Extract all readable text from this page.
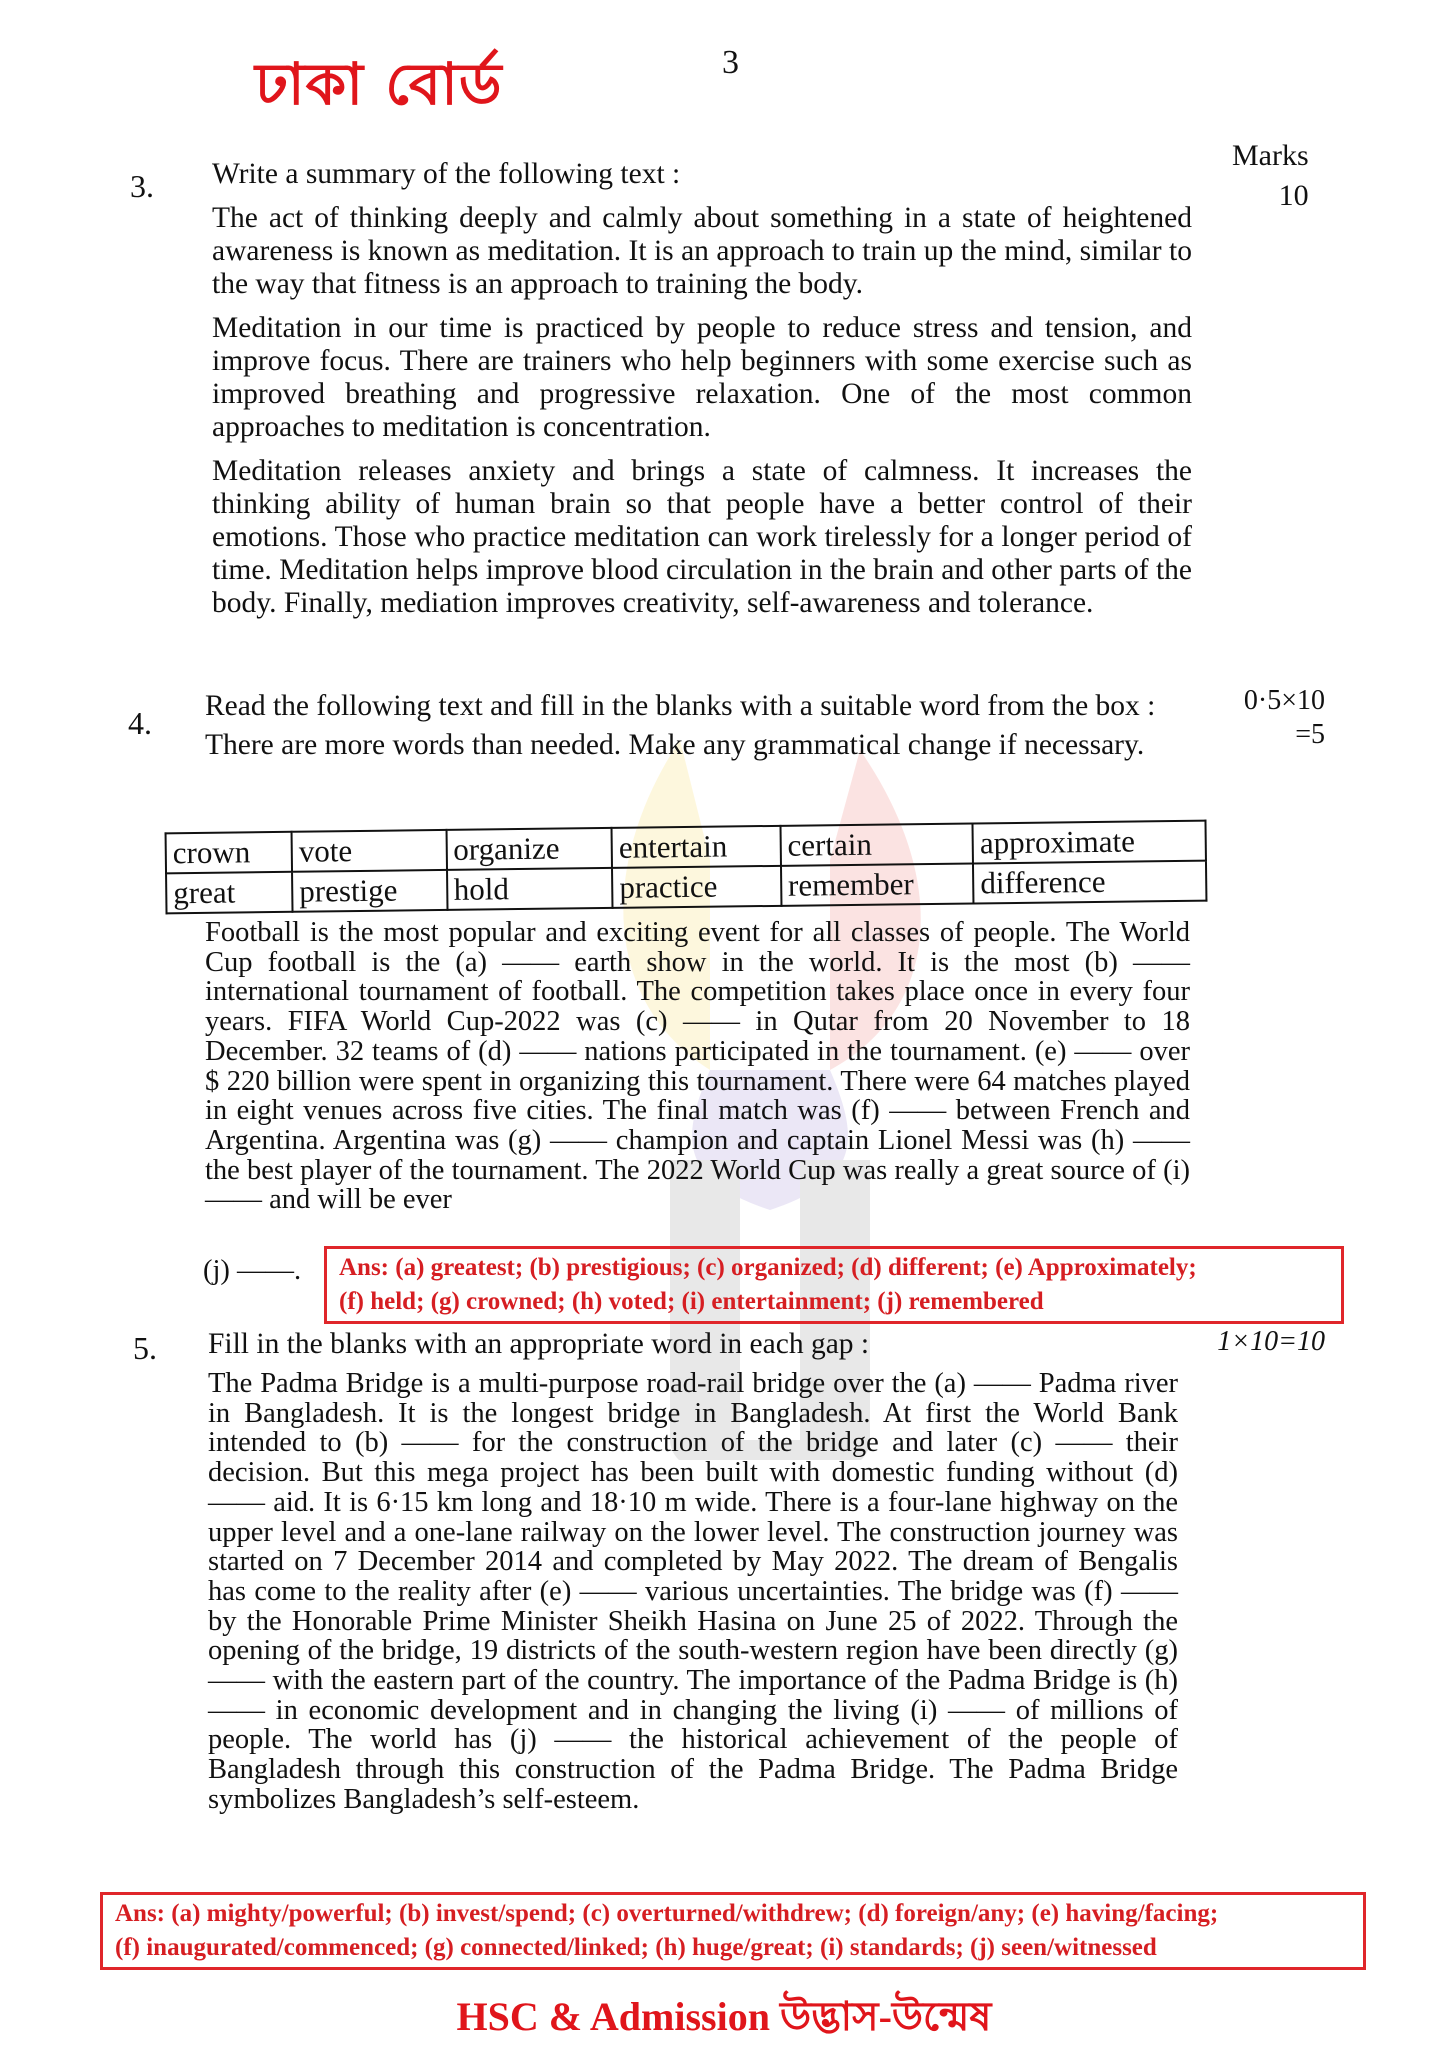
ঢাকা বোর্ড	3
Marks
10
3. Write a summary of the following text :

The act of thinking deeply and calmly about something in a state of heightened awareness is known as meditation. It is an approach to train up the mind, similar to the way that fitness is an approach to training the body.

Meditation in our time is practiced by people to reduce stress and tension, and improve focus. There are trainers who help beginners with some exercise such as improved breathing and progressive relaxation. One of the most common approaches to meditation is concentration.

Meditation releases anxiety and brings a state of calmness. It increases the thinking ability of human brain so that people have a better control of their emotions. Those who practice meditation can work tirelessly for a longer period of time. Meditation helps improve blood circulation in the brain and other parts of the body. Finally, mediation improves creativity, self-awareness and tolerance.

4.
0·5×10
=5

Read the following text and fill in the blanks with a suitable word from the box :

There are more words than needed. Make any grammatical change if necessary.

crown	vote	organize	entertain	certain	approximate
great	prestige	hold	practice	remember	difference

Football is the most popular and exciting event for all classes of people. The World Cup football is the (a) —— earth show in the world. It is the most (b) —— international tournament of football. The competition takes place once in every four years. FIFA World Cup-2022 was (c) —— in Qutar from 20 November to 18 December. 32 teams of (d) —— nations participated in the tournament. (e) —— over $ 220 billion were spent in organizing this tournament. There were 64 matches played in eight venues across five cities. The final match was (f) —— between French and Argentina. Argentina was (g) —— champion and captain Lionel Messi was (h) —— the best player of the tournament. The 2022 World Cup was really a great source of (i) —— and will be ever

(j) ——. Ans: (a) greatest; (b) prestigious; (c) organized; (d) different; (e) Approximately;
(f) held; (g) crowned; (h) voted; (i) entertainment; (j) remembered
5.	1×10=10

Fill in the blanks with an appropriate word in each gap :

The Padma Bridge is a multi-purpose road-rail bridge over the (a) —— Padma river in Bangladesh. It is the longest bridge in Bangladesh. At first the World Bank intended to (b) —— for the construction of the bridge and later (c) —— their decision. But this mega project has been built with domestic funding without (d) —— aid. It is 6·15 km long and 18·10 m wide. There is a four-lane highway on the upper level and a one-lane railway on the lower level. The construction journey was started on 7 December 2014 and completed by May 2022. The dream of Bengalis has come to the reality after (e) —— various uncertainties. The bridge was (f) —— by the Honorable Prime Minister Sheikh Hasina on June 25 of 2022. Through the opening of the bridge, 19 districts of the south-western region have been directly (g) —— with the eastern part of the country. The importance of the Padma Bridge is (h) —— in economic development and in changing the living (i) —— of millions of people. The world has (j) —— the historical achievement of the people of Bangladesh through this construction of the Padma Bridge. The Padma Bridge symbolizes Bangladesh’s self-esteem.

Ans: (a) mighty/powerful; (b) invest/spend; (c) overturned/withdrew; (d) foreign/any; (e) having/facing;
(f) inaugurated/commenced; (g) connected/linked; (h) huge/great; (i) standards; (j) seen/witnessed
HSC & Admission উদ্ভাস-উন্মেষ
